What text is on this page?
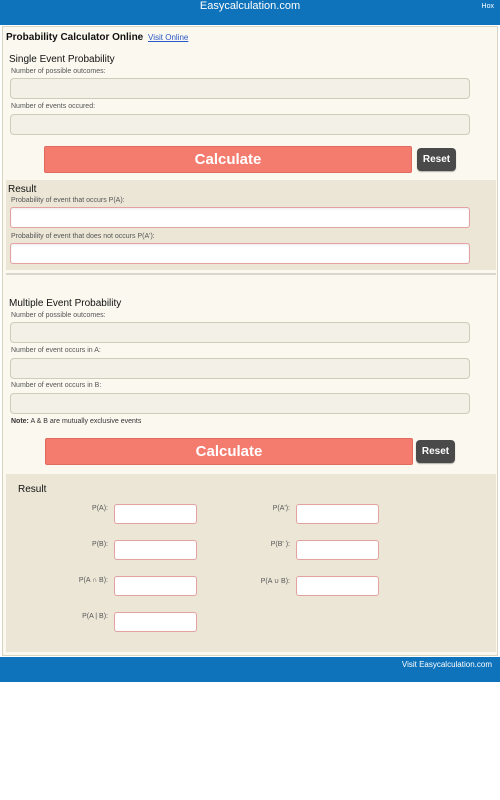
Easycalculation.com	Hox
Probability Calculator Online Visit Online
Single Event Probability
Number of possible outcomes:
Number of events occured:
Calculate	Reset
Result
Probability of event that occurs P(A):
Probability of event that does not occurs P(A'):
Multiple Event Probability
Number of possible outcomes:
Number of event occurs in A:
Number of event occurs in B:
Note: A & B are mutually exclusive events
Calculate	Reset
Result
P(A):	P(A'):
P(B):	P(B' ):
P(A ∩ B):	P(A ∪ B):
P(A | B):
Visit Easycalculation.com
